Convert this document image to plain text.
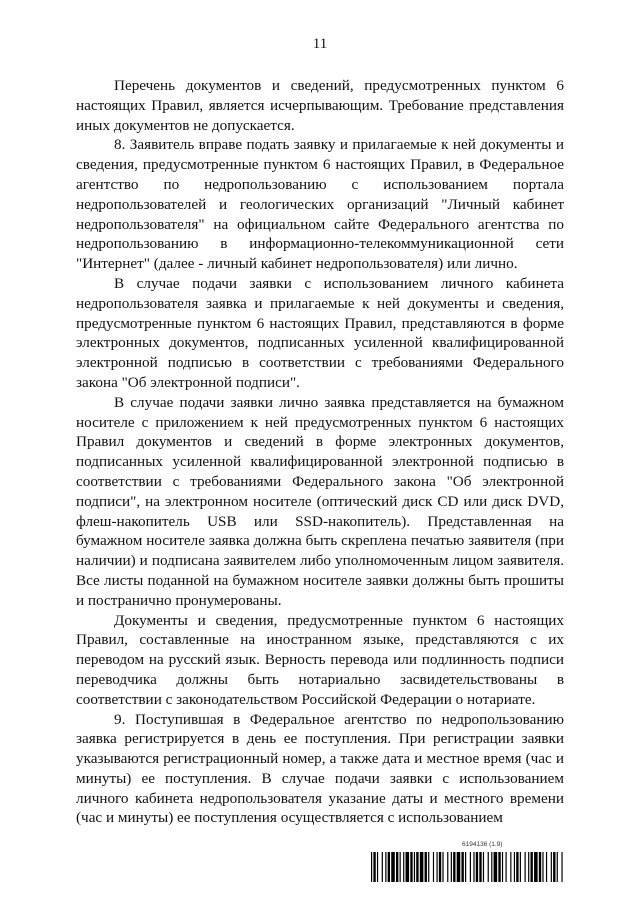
11

Перечень документов и сведений, предусмотренных пунктом 6 настоящих Правил, является исчерпывающим. Требование представления иных документов не допускается.

8. Заявитель вправе подать заявку и прилагаемые к ней документы и сведения, предусмотренные пунктом 6 настоящих Правил, в Федеральное агентство по недропользованию с использованием портала недропользователей и геологических организаций "Личный кабинет недропользователя" на официальном сайте Федерального агентства по недропользованию в информационно-телекоммуникационной сети "Интернет" (далее - личный кабинет недропользователя) или лично.

В случае подачи заявки с использованием личного кабинета недропользователя заявка и прилагаемые к ней документы и сведения, предусмотренные пунктом 6 настоящих Правил, представляются в форме электронных документов, подписанных усиленной квалифицированной электронной подписью в соответствии с требованиями Федерального закона "Об электронной подписи".

В случае подачи заявки лично заявка представляется на бумажном носителе с приложением к ней предусмотренных пунктом 6 настоящих Правил документов и сведений в форме электронных документов, подписанных усиленной квалифицированной электронной подписью в соответствии с требованиями Федерального закона "Об электронной подписи", на электронном носителе (оптический диск CD или диск DVD, флеш-накопитель USB или SSD-накопитель). Представленная на бумажном носителе заявка должна быть скреплена печатью заявителя (при наличии) и подписана заявителем либо уполномоченным лицом заявителя. Все листы поданной на бумажном носителе заявки должны быть прошиты и постранично пронумерованы.

Документы и сведения, предусмотренные пунктом 6 настоящих Правил, составленные на иностранном языке, представляются с их переводом на русский язык. Верность перевода или подлинность подписи переводчика должны быть нотариально засвидетельствованы в соответствии с законодательством Российской Федерации о нотариате.

9. Поступившая в Федеральное агентство по недропользованию заявка регистрируется в день ее поступления. При регистрации заявки указываются регистрационный номер, а также дата и местное время (час и минуты) ее поступления. В случае подачи заявки с использованием личного кабинета недропользователя указание даты и местного времени (час и минуты) ее поступления осуществляется с использованием

6194136 (1.9)
